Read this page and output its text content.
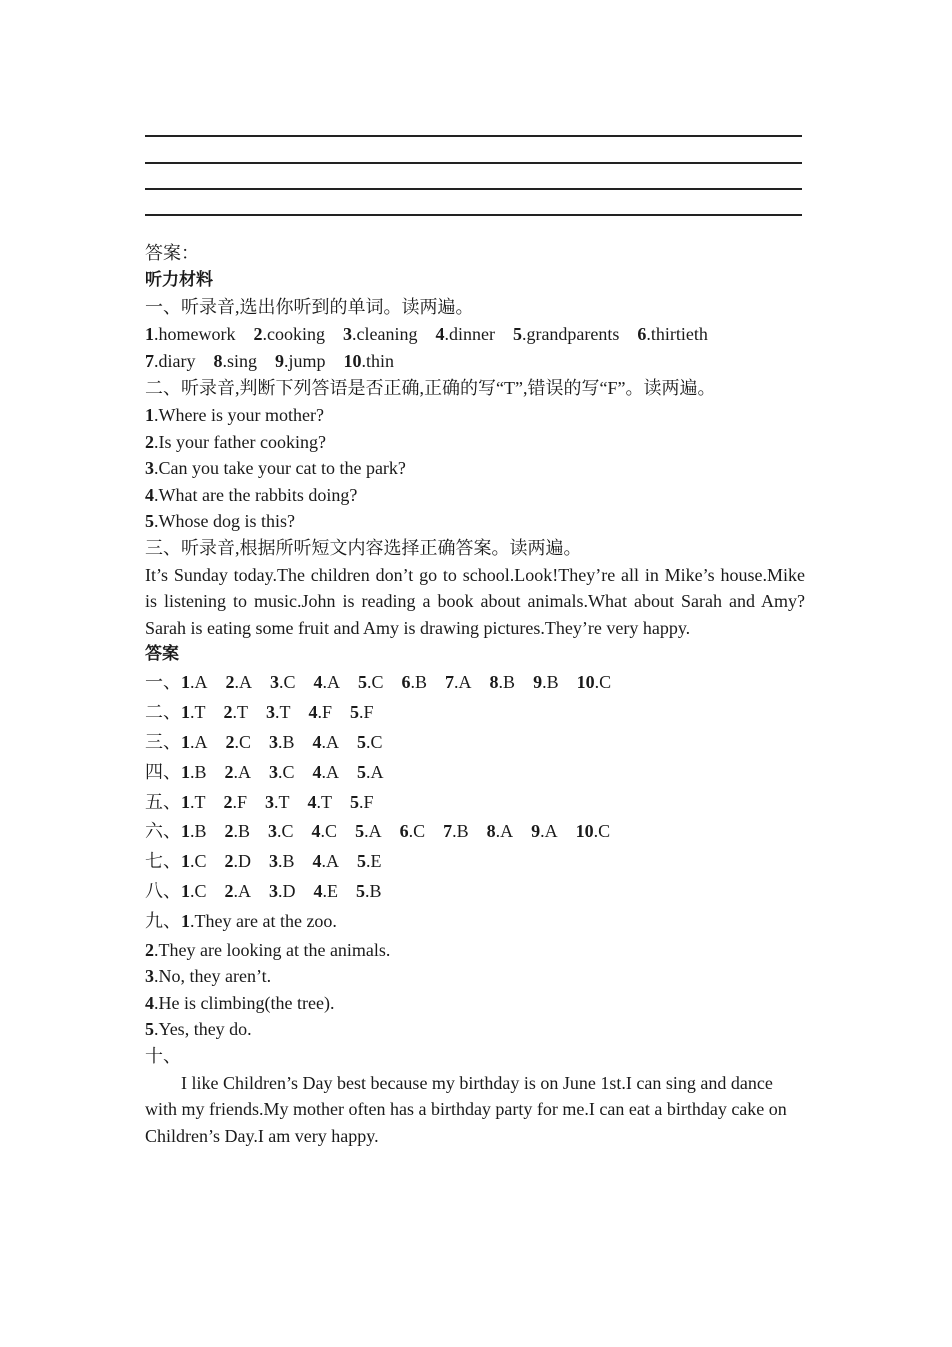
答案：
听力材料
一、听录音,选出你听到的单词。读两遍。
1.homework 2.cooking 3.cleaning 4.dinner 5.grandparents 6.thirtieth
7.diary 8.sing 9.jump 10.thin
二、听录音,判断下列答语是否正确,正确的写“T”,错误的写“F”。读两遍。
1.Where is your mother?
2.Is your father cooking?
3.Can you take your cat to the park?
4.What are the rabbits doing?
5.Whose dog is this?
三、听录音,根据所听短文内容选择正确答案。读两遍。
It’s Sunday today.The children don’t go to school.Look!They’re all in Mike’s house.Mike is listening to music.John is reading a book about animals.What about Sarah and Amy?Sarah is eating some fruit and Amy is drawing pictures.They’re very happy.
答案
一、1.A 2.A 3.C 4.A 5.C 6.B 7.A 8.B 9.B 10.C
二、1.T 2.T 3.T 4.F 5.F
三、1.A 2.C 3.B 4.A 5.C
四、1.B 2.A 3.C 4.A 5.A
五、1.T 2.F 3.T 4.T 5.F
六、1.B 2.B 3.C 4.C 5.A 6.C 7.B 8.A 9.A 10.C
七、1.C 2.D 3.B 4.A 5.E
八、1.C 2.A 3.D 4.E 5.B
九、1.They are at the zoo.
2.They are looking at the animals.
3.No, they aren’t.
4.He is climbing(the tree).
5.Yes, they do.
十、
I like Children’s Day best because my birthday is on June 1st.I can sing and dance with my friends.My mother often has a birthday party for me.I can eat a birthday cake on Children’s Day.I am very happy.
